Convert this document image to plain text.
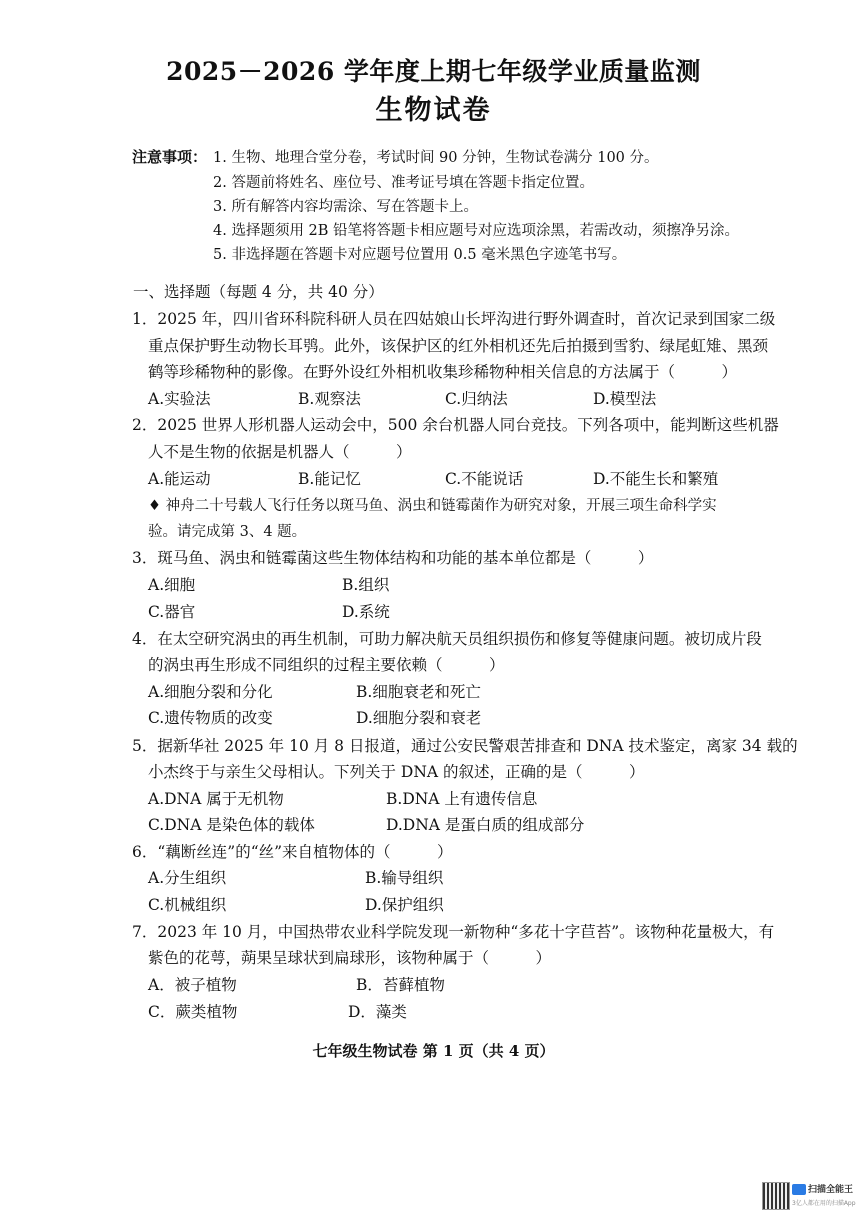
2025－2026 学年度上期七年级学业质量监测
生物试卷
注意事项： 1. 生物、地理合堂分卷，考试时间 90 分钟，生物试卷满分 100 分。
2. 答题前将姓名、座位号、准考证号填在答题卡指定位置。
3. 所有解答内容均需涂、写在答题卡上。
4. 选择题须用 2B 铅笔将答题卡相应题号对应选项涂黑，若需改动，须擦净另涂。
5. 非选择题在答题卡对应题号位置用 0.5 毫米黑色字迹笔书写。
一、选择题（每题 4 分，共 40 分）
1．2025 年，四川省环科院科研人员在四姑娘山长坪沟进行野外调查时，首次记录到国家二级
重点保护野生动物长耳鸮。此外，该保护区的红外相机还先后拍摄到雪豹、绿尾虹雉、黑颈
鹤等珍稀物种的影像。在野外设红外相机收集珍稀物种相关信息的方法属于（　　　）
A.实验法	B.观察法	C.归纳法	D.模型法
2．2025 世界人形机器人运动会中，500 余台机器人同台竞技。下列各项中，能判断这些机器
人不是生物的依据是机器人（　　　）
A.能运动	B.能记忆	C.不能说话	D.不能生长和繁殖
♦ 神舟二十号载人飞行任务以斑马鱼、涡虫和链霉菌作为研究对象，开展三项生命科学实
验。请完成第 3、4 题。
3．斑马鱼、涡虫和链霉菌这些生物体结构和功能的基本单位都是（　　　）
A.细胞	B.组织
C.器官	D.系统
4．在太空研究涡虫的再生机制，可助力解决航天员组织损伤和修复等健康问题。被切成片段
的涡虫再生形成不同组织的过程主要依赖（　　　）
A.细胞分裂和分化	B.细胞衰老和死亡
C.遗传物质的改变	D.细胞分裂和衰老
5．据新华社 2025 年 10 月 8 日报道，通过公安民警艰苦排查和 DNA 技术鉴定，离家 34 载的
小杰终于与亲生父母相认。下列关于 DNA 的叙述，正确的是（　　　）
A.DNA 属于无机物	B.DNA 上有遗传信息
C.DNA 是染色体的载体	D.DNA 是蛋白质的组成部分
6．“藕断丝连”的“丝”来自植物体的（　　　）
A.分生组织	B.输导组织
C.机械组织	D.保护组织
7．2023 年 10 月，中国热带农业科学院发现一新物种“多花十字苣苔”。该物种花量极大，有
紫色的花萼，蒴果呈球状到扁球形，该物种属于（　　　）
A．被子植物	B．苔藓植物
C．蕨类植物	D．藻类
七年级生物试卷 第 1 页（共 4 页）
扫描全能王
3亿人都在用的扫描App
